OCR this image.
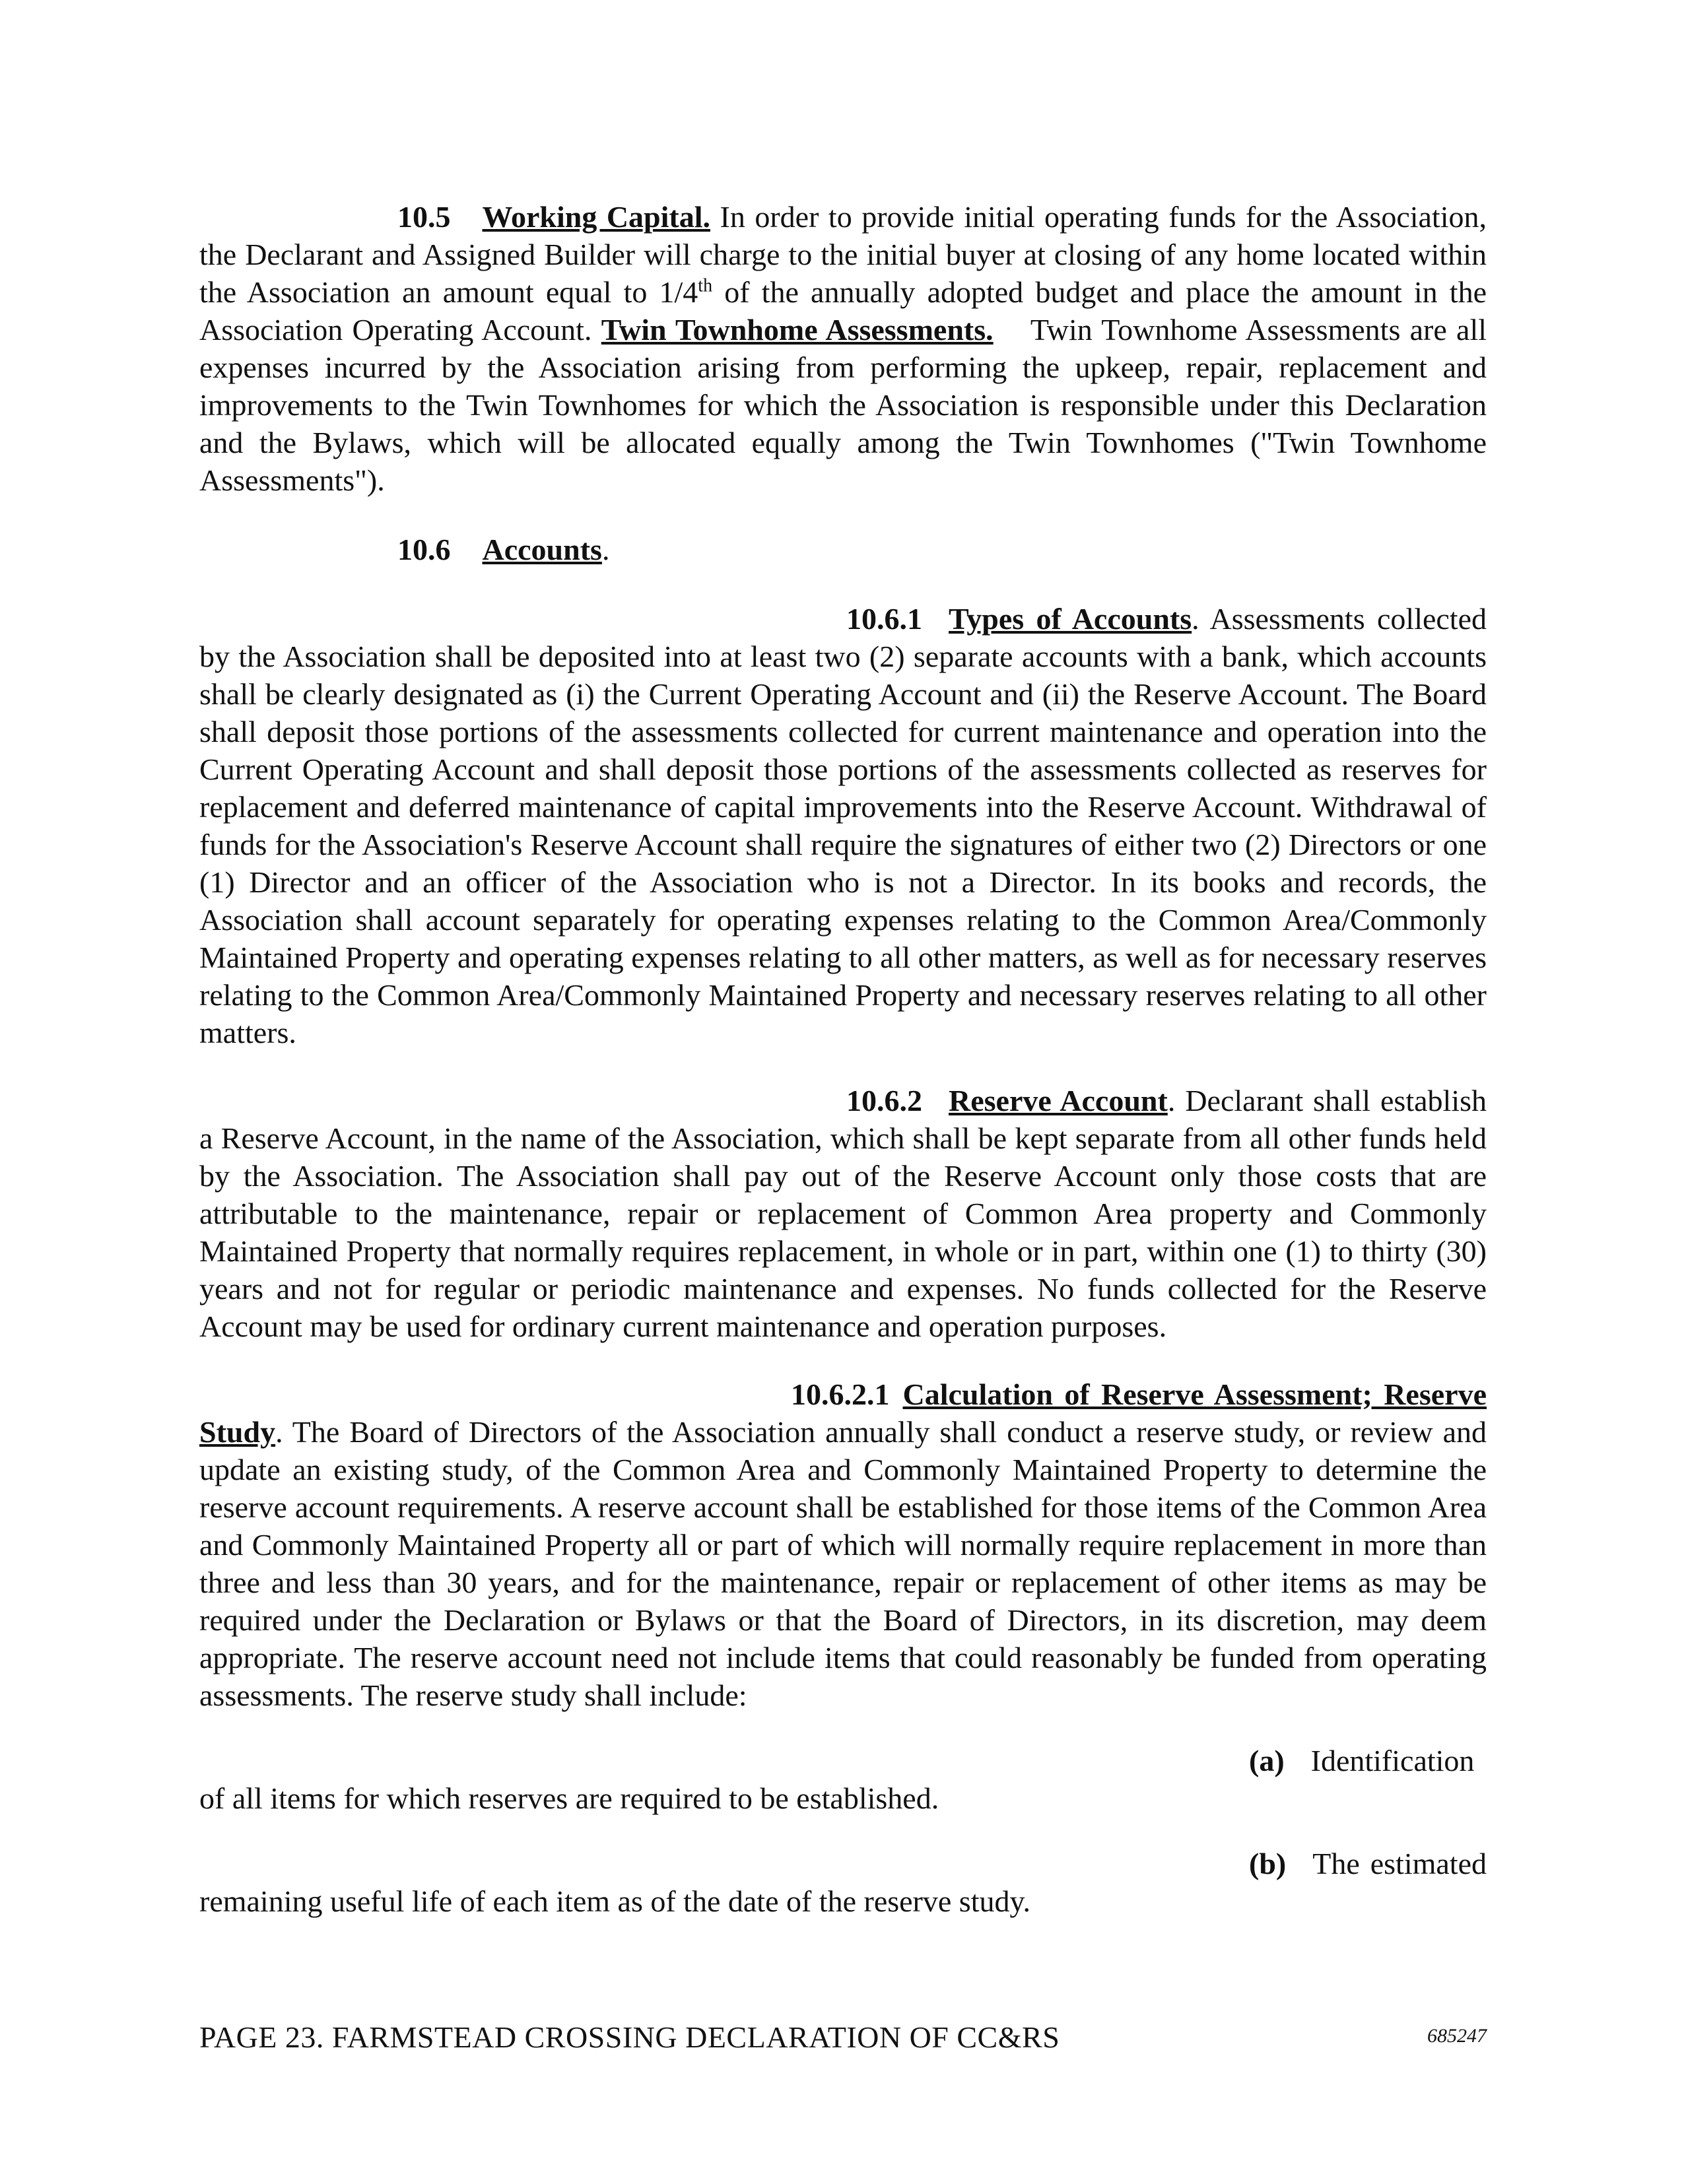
10.5 Working Capital. In order to provide initial operating funds for the Association, the Declarant and Assigned Builder will charge to the initial buyer at closing of any home located within the Association an amount equal to 1/4th of the annually adopted budget and place the amount in the Association Operating Account. Twin Townhome Assessments. Twin Townhome Assessments are all expenses incurred by the Association arising from performing the upkeep, repair, replacement and improvements to the Twin Townhomes for which the Association is responsible under this Declaration and the Bylaws, which will be allocated equally among the Twin Townhomes ("Twin Townhome Assessments").

10.6 Accounts.

10.6.1 Types of Accounts. Assessments collected by the Association shall be deposited into at least two (2) separate accounts with a bank, which accounts shall be clearly designated as (i) the Current Operating Account and (ii) the Reserve Account. The Board shall deposit those portions of the assessments collected for current maintenance and operation into the Current Operating Account and shall deposit those portions of the assessments collected as reserves for replacement and deferred maintenance of capital improvements into the Reserve Account. Withdrawal of funds for the Association's Reserve Account shall require the signatures of either two (2) Directors or one (1) Director and an officer of the Association who is not a Director. In its books and records, the Association shall account separately for operating expenses relating to the Common Area/Commonly Maintained Property and operating expenses relating to all other matters, as well as for necessary reserves relating to the Common Area/Commonly Maintained Property and necessary reserves relating to all other matters.

10.6.2 Reserve Account. Declarant shall establish a Reserve Account, in the name of the Association, which shall be kept separate from all other funds held by the Association. The Association shall pay out of the Reserve Account only those costs that are attributable to the maintenance, repair or replacement of Common Area property and Commonly Maintained Property that normally requires replacement, in whole or in part, within one (1) to thirty (30) years and not for regular or periodic maintenance and expenses. No funds collected for the Reserve Account may be used for ordinary current maintenance and operation purposes.

10.6.2.1 Calculation of Reserve Assessment; Reserve Study. The Board of Directors of the Association annually shall conduct a reserve study, or review and update an existing study, of the Common Area and Commonly Maintained Property to determine the reserve account requirements. A reserve account shall be established for those items of the Common Area and Commonly Maintained Property all or part of which will normally require replacement in more than three and less than 30 years, and for the maintenance, repair or replacement of other items as may be required under the Declaration or Bylaws or that the Board of Directors, in its discretion, may deem appropriate. The reserve account need not include items that could reasonably be funded from operating assessments. The reserve study shall include:

(a) Identification of all items for which reserves are required to be established.

(b) The estimated remaining useful life of each item as of the date of the reserve study.

PAGE 23. FARMSTEAD CROSSING DECLARATION OF CC&RS	685247
